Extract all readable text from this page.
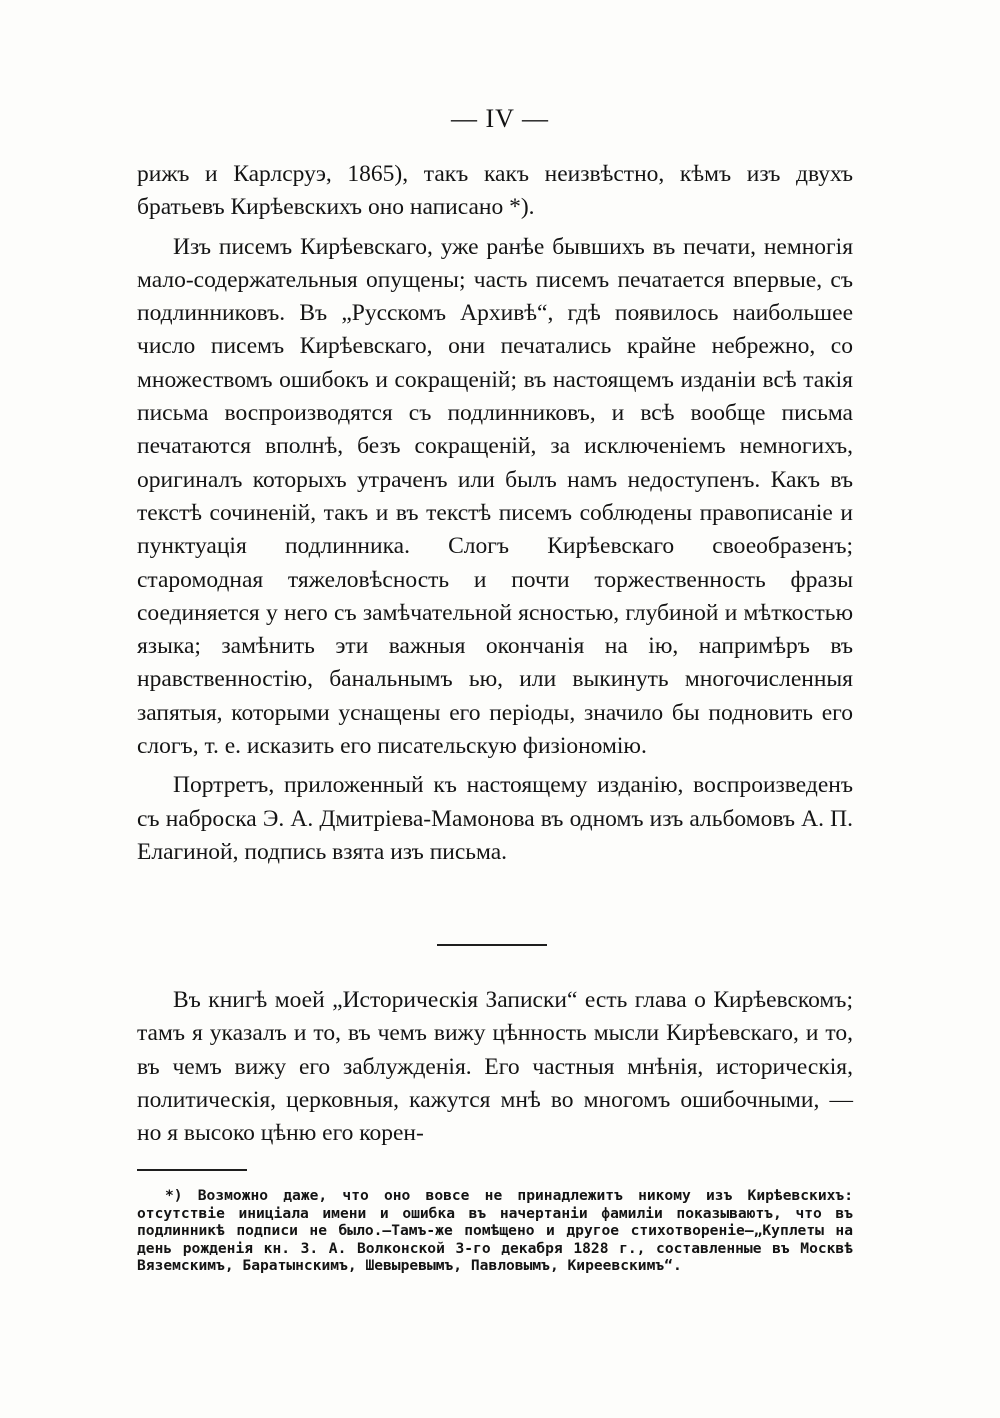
— IV —

рижъ и Карлсруэ, 1865), такъ какъ неизвѣстно, кѣмъ изъ двухъ братьевъ Кирѣевскихъ оно написано *).

Изъ писемъ Кирѣевскаго, уже ранѣе бывшихъ въ печати, немногія мало-содержательныя опущены; часть писемъ печатается впервые, съ подлинниковъ. Въ „Русскомъ Архивѣ“, гдѣ появилось наибольшее число писемъ Кирѣевскаго, они печатались крайне небрежно, со множествомъ ошибокъ и сокращеній; въ настоящемъ изданіи всѣ такія письма воспроизводятся съ подлинниковъ, и всѣ вообще письма печатаются вполнѣ, безъ сокращеній, за исключеніемъ немногихъ, оригиналъ которыхъ утраченъ или былъ намъ недоступенъ. Какъ въ текстѣ сочиненій, такъ и въ текстѣ писемъ соблюдены правописаніе и пунктуація подлинника. Слогъ Кирѣевскаго своеобразенъ; старомодная тяжеловѣсность и почти торжественность фразы соединяется у него съ замѣчательной ясностью, глубиной и мѣткостью языка; замѣнить эти важныя окончанія на ію, напримѣръ въ нравственностію, банальнымъ ью, или выкинуть многочисленныя запятыя, которыми уснащены его періоды, значило бы подновить его слогъ, т. е. исказить его писательскую физіономію.

Портретъ, приложенный къ настоящему изданію, воспроизведенъ съ наброска Э. А. Дмитріева-Мамонова въ одномъ изъ альбомовъ А. П. Елагиной, подпись взята изъ письма.

Въ книгѣ моей „Историческія Записки“ есть глава о Кирѣевскомъ; тамъ я указалъ и то, въ чемъ вижу цѣнность мысли Кирѣевскаго, и то, въ чемъ вижу его заблужденія. Его частныя мнѣнія, историческія, политическія, церковныя, кажутся мнѣ во многомъ ошибочными, — но я высоко цѣню его корен-

*) Возможно даже, что оно вовсе не принадлежитъ никому изъ Кирѣевскихъ: отсутствіе иниціала имени и ошибка въ начертаніи фамиліи показываютъ, что въ подлинникѣ подписи не было.—Тамъ-же помѣщено и другое стихотвореніе—„Куплеты на день рожденія кн. З. А. Волконской 3-го декабря 1828 г., составленные въ Москвѣ Вяземскимъ, Баратынскимъ, Шевыревымъ, Павловымъ, Киреевскимъ“.
